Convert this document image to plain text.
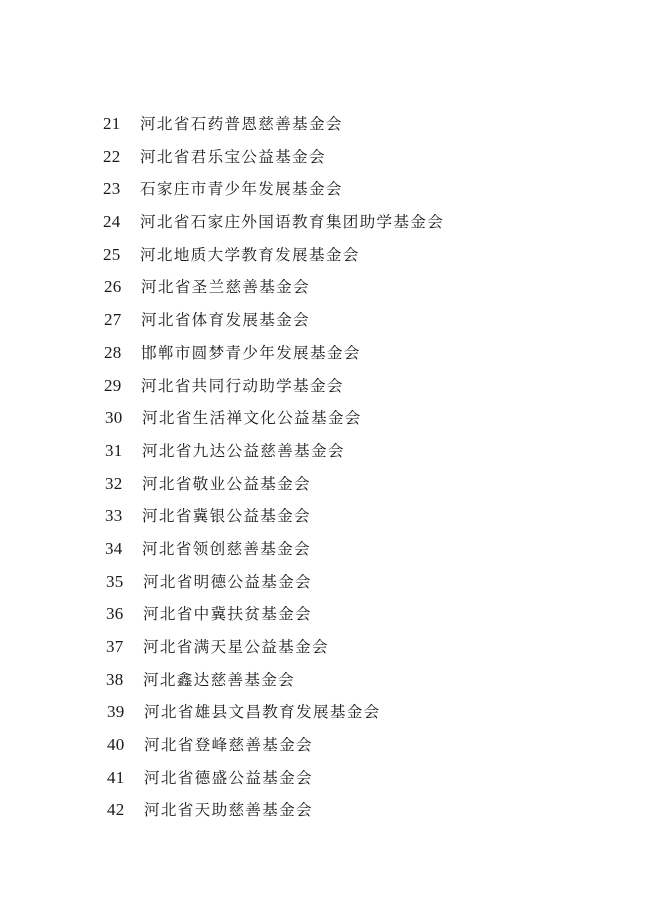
21	河北省石药普恩慈善基金会
22	河北省君乐宝公益基金会
23	石家庄市青少年发展基金会
24	河北省石家庄外国语教育集团助学基金会
25	河北地质大学教育发展基金会
26	河北省圣兰慈善基金会
27	河北省体育发展基金会
28	邯郸市圆梦青少年发展基金会
29	河北省共同行动助学基金会
30	河北省生活禅文化公益基金会
31	河北省九达公益慈善基金会
32	河北省敬业公益基金会
33	河北省冀银公益基金会
34	河北省领创慈善基金会
35	河北省明德公益基金会
36	河北省中冀扶贫基金会
37	河北省满天星公益基金会
38	河北鑫达慈善基金会
39	河北省雄县文昌教育发展基金会
40	河北省登峰慈善基金会
41	河北省德盛公益基金会
42	河北省天助慈善基金会
